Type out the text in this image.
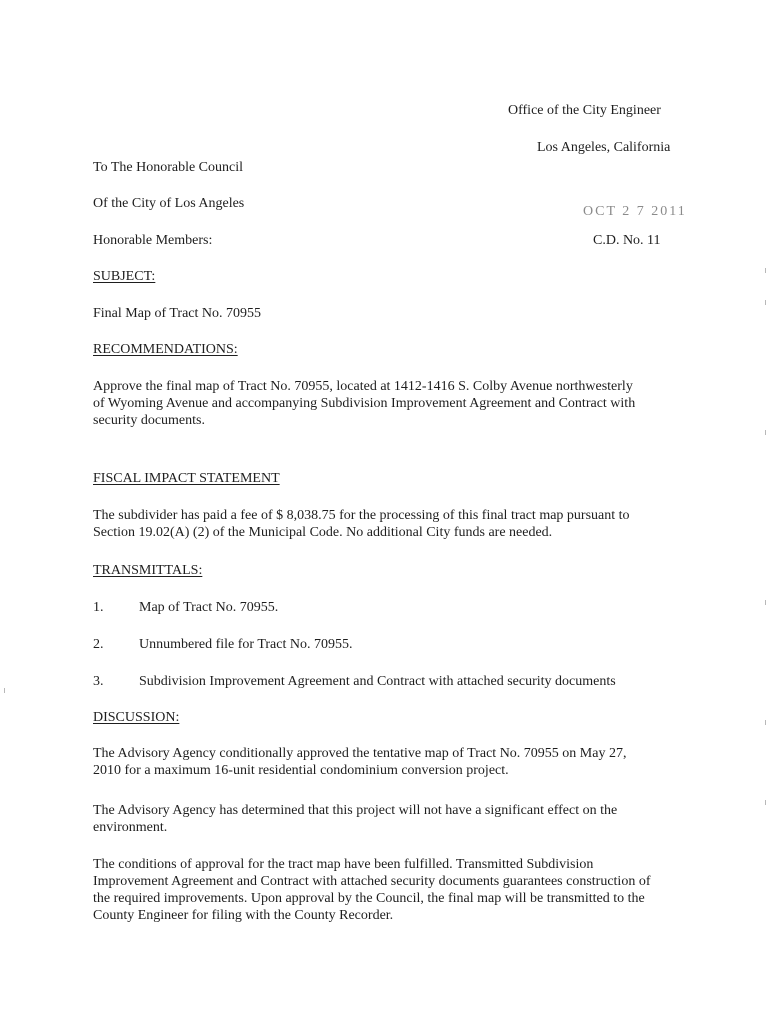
Office of the City Engineer
Los Angeles, California
OCT 2 7 2011
C.D. No. 11
To The Honorable Council
Of the City of Los Angeles
Honorable Members:
SUBJECT:
Final Map of Tract No. 70955
RECOMMENDATIONS:
Approve the final map of Tract No. 70955, located at 1412-1416 S. Colby Avenue northwesterly
of Wyoming Avenue and accompanying Subdivision Improvement Agreement and Contract with
security documents.
FISCAL IMPACT STATEMENT
The subdivider has paid a fee of $ 8,038.75 for the processing of this final tract map pursuant to
Section 19.02(A) (2) of the Municipal Code. No additional City funds are needed.
TRANSMITTALS:
1.	Map of Tract No. 70955.
2.	Unnumbered file for Tract No. 70955.
3.	Subdivision Improvement Agreement and Contract with attached security documents
DISCUSSION:
The Advisory Agency conditionally approved the tentative map of Tract No. 70955 on May 27,
2010 for a maximum 16-unit residential condominium conversion project.
The Advisory Agency has determined that this project will not have a significant effect on the
environment.
The conditions of approval for the tract map have been fulfilled. Transmitted Subdivision
Improvement Agreement and Contract with attached security documents guarantees construction of
the required improvements. Upon approval by the Council, the final map will be transmitted to the
County Engineer for filing with the County Recorder.
